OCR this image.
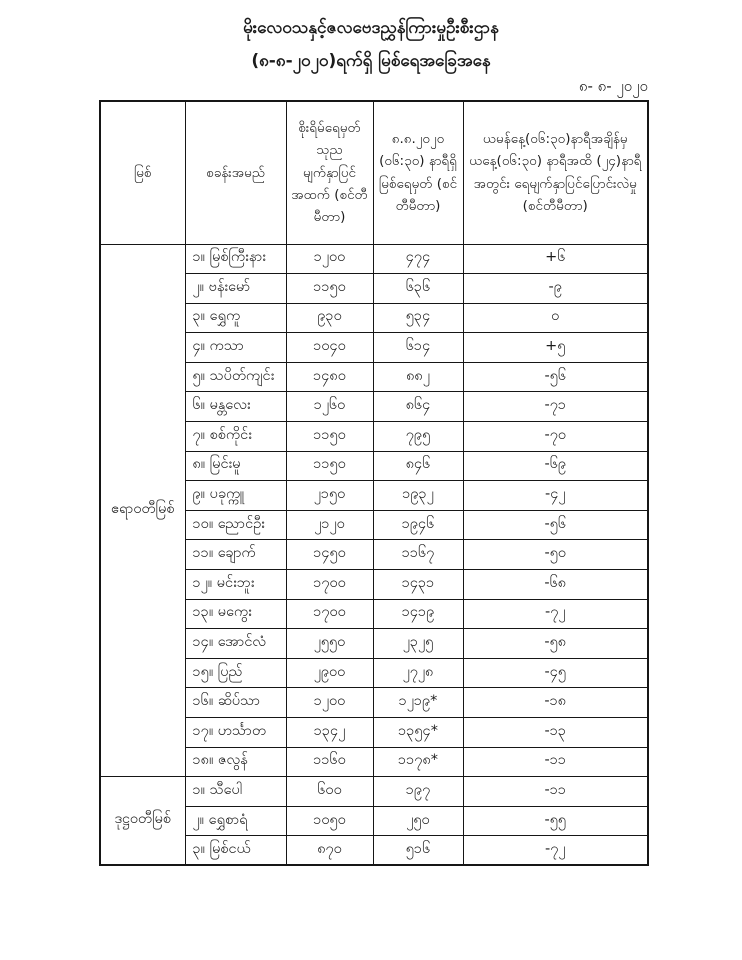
မိုးလေဝသနှင့်ဇလဗေဒညွှန်ကြားမှုဦးစီးဌာန
(၈-၈-၂၀၂၀)ရက်ရှိ မြစ်ရေအခြေအနေ
၈- ၈- ၂၀၂၀
မြစ်	စခန်းအမည်	စိုးရိမ်ရေမှတ် သုည မျက်နှာပြင် အထက် (စင်တီမီတာ)	၈.၈.၂၀၂၀ (၀၆:၃၀) နာရီရှိ မြစ်ရေမှတ် (စင်တီမီတာ)	ယမန်နေ့(၀၆:၃၀)နာရီအချိန်မှ ယနေ့(၀၆:၃၀) နာရီအထိ (၂၄)နာရီအတွင်း ရေမျက်နှာပြင်ပြောင်းလဲမှု (စင်တီမီတာ)
ဧရာဝတီမြစ်	၁။ မြစ်ကြီးနား	၁၂၀၀	၄၇၄	+၆
	၂။ ဗန်းမော်	၁၁၅၀	၆၃၆	-၉
	၃။ ရွှေကူ	၉၃၀	၅၃၄	၀
	၄။ ကသာ	၁၀၄၀	၆၁၄	+၅
	၅။ သပိတ်ကျင်း	၁၄၈၀	၈၈၂	-၅၆
	၆။ မန္တလေး	၁၂၆၀	၈၆၄	-၇၁
	၇။ စစ်ကိုင်း	၁၁၅၀	၇၉၅	-၇၀
	၈။ မြင်းမူ	၁၁၅၀	၈၄၆	-၆၉
	၉။ ပခုက္ကူ	၂၁၅၀	၁၉၃၂	-၄၂
	၁၀။ ညောင်ဦး	၂၁၂၀	၁၉၄၆	-၅၆
	၁၁။ ချောက်	၁၄၅၀	၁၁၆၇	-၅၀
	၁၂။ မင်းဘူး	၁၇၀၀	၁၄၃၁	-၆၈
	၁၃။ မကွေး	၁၇၀၀	၁၄၁၉	-၇၂
	၁၄။ အောင်လံ	၂၅၅၀	၂၃၂၅	-၅၈
	၁၅။ ပြည်	၂၉၀၀	၂၇၂၈	-၄၅
	၁၆။ ဆိပ်သာ	၁၂၀၀	၁၂၁၉*	-၁၈
	၁၇။ ဟင်္သာတ	၁၃၄၂	၁၃၅၄*	-၁၃
	၁၈။ ဇလွန်	၁၁၆၀	၁၁၇၈*	-၁၁
ဒုဋ္ဌဝတီမြစ်	၁။ သီပေါ	၆၀၀	၁၉၇	-၁၁
	၂။ ရွှေစာရံ	၁၀၅၀	၂၅၀	-၅၅
	၃။ မြစ်ငယ်	၈၇၀	၅၁၆	-၇၂
